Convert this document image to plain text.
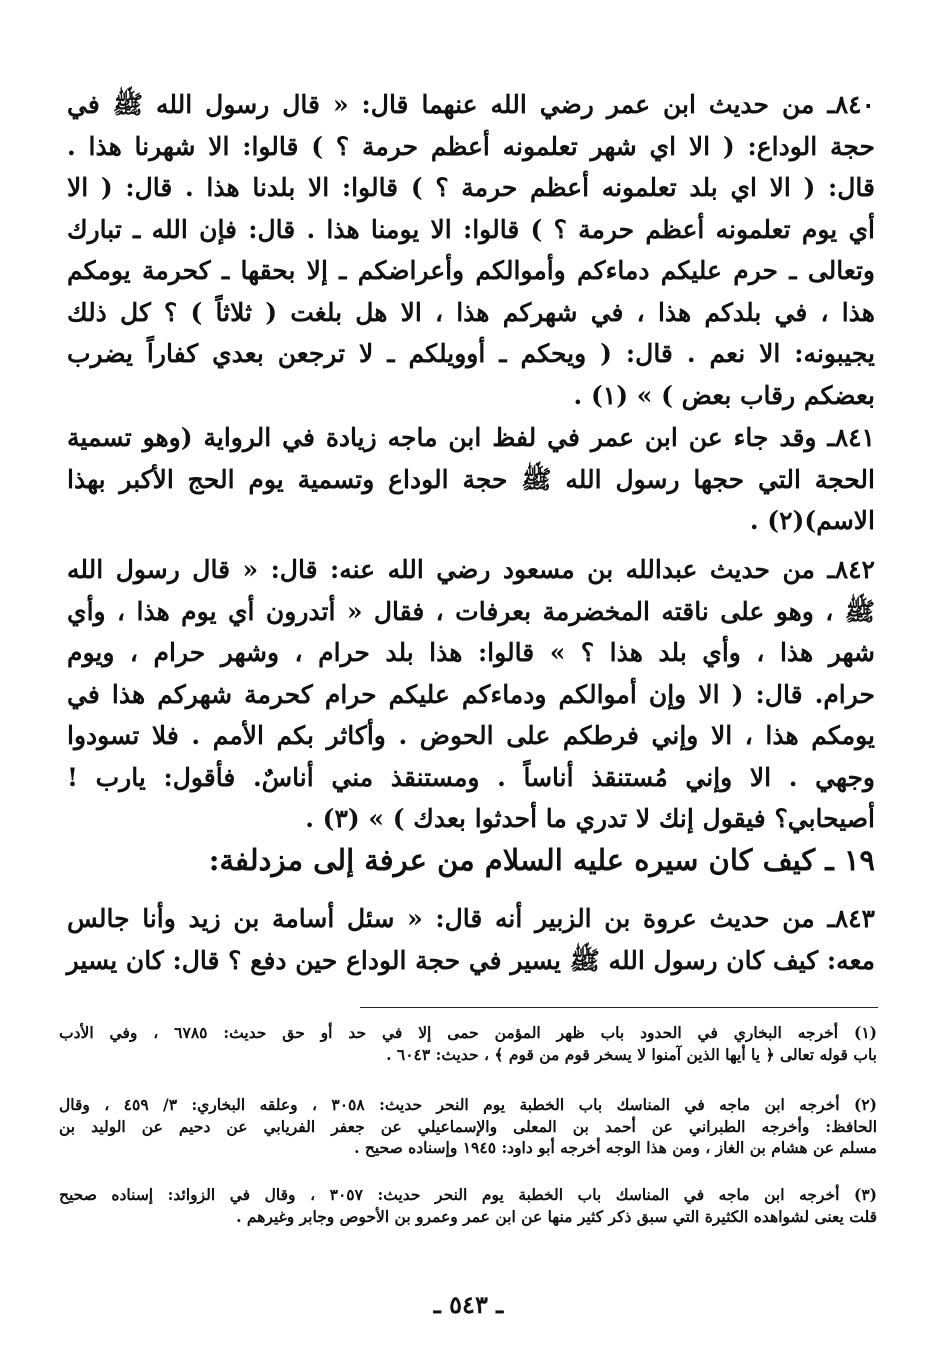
٨٤٠ـ من حديث ابن عمر رضي الله عنهما قال: « قال رسول الله ﷺ في
حجة الوداع: ( الا اي شهر تعلمونه أعظم حرمة ؟ ) قالوا: الا شهرنا هذا .
قال: ( الا اي بلد تعلمونه أعظم حرمة ؟ ) قالوا: الا بلدنا هذا . قال: ( الا
أي يوم تعلمونه أعظم حرمة ؟ ) قالوا: الا يومنا هذا . قال: فإن الله ـ تبارك
وتعالى ـ حرم عليكم دماءكم وأموالكم وأعراضكم ـ إلا بحقها ـ كحرمة يومكم
هذا ، في بلدكم هذا ، في شهركم هذا ، الا هل بلغت ( ثلاثاً ) ؟ كل ذلك
يجيبونه: الا نعم . قال: ( ويحكم ـ أوويلكم ـ لا ترجعن بعدي كفاراً يضرب
بعضكم رقاب بعض ) » (١) .
٨٤١ـ وقد جاء عن ابن عمر في لفظ ابن ماجه زيادة في الرواية (وهو تسمية
الحجة التي حجها رسول الله ﷺ حجة الوداع وتسمية يوم الحج الأكبر بهذا
الاسم)(٢) .
٨٤٢ـ من حديث عبدالله بن مسعود رضي الله عنه: قال: « قال رسول الله
ﷺ ، وهو على ناقته المخضرمة بعرفات ، فقال « أتدرون أي يوم هذا ، وأي
شهر هذا ، وأي بلد هذا ؟ » قالوا: هذا بلد حرام ، وشهر حرام ، ويوم
حرام. قال: ( الا وإن أموالكم ودماءكم عليكم حرام كحرمة شهركم هذا في
يومكم هذا ، الا وإني فرطكم على الحوض . وأكاثر بكم الأمم . فلا تسودوا
وجهي . الا وإني مُستنقذ أناساً . ومستنقذ مني أناسٌ. فأقول: يارب !
أصيحابي؟ فيقول إنك لا تدري ما أحدثوا بعدك ) » (٣) .
١٩ ـ كيف كان سيره عليه السلام من عرفة إلى مزدلفة:
٨٤٣ـ من حديث عروة بن الزبير أنه قال: « سئل أسامة بن زيد وأنا جالس
معه: كيف كان رسول الله ﷺ يسير في حجة الوداع حين دفع ؟ قال: كان يسير
(١) أخرجه البخاري في الحدود باب ظهر المؤمن حمى إلا في حد أو حق حديث: ٦٧٨٥ ، وفي الأدب
باب قوله تعالى ﴿ يا أيها الذين آمنوا لا يسخر قوم من قوم ﴾ ، حديث: ٦٠٤٣ .
(٢) أخرجه ابن ماجه في المناسك باب الخطبة يوم النحر حديث: ٣٠٥٨ ، وعلقه البخاري: ٣/ ٤٥٩ ، وقال
الحافظ: وأخرجه الطبراني عن أحمد بن المعلى والإسماعيلي عن جعفر الفريابي عن دحيم عن الوليد بن
مسلم عن هشام بن الغاز ، ومن هذا الوجه أخرجه أبو داود: ١٩٤٥ وإسناده صحيح .
(٣) أخرجه ابن ماجه في المناسك باب الخطبة يوم النحر حديث: ٣٠٥٧ ، وقال في الزوائد: إسناده صحيح
قلت يعنى لشواهده الكثيرة التي سبق ذكر كثير منها عن ابن عمر وعمرو بن الأحوص وجابر وغيرهم .
ـ ٥٤٣ ـ
